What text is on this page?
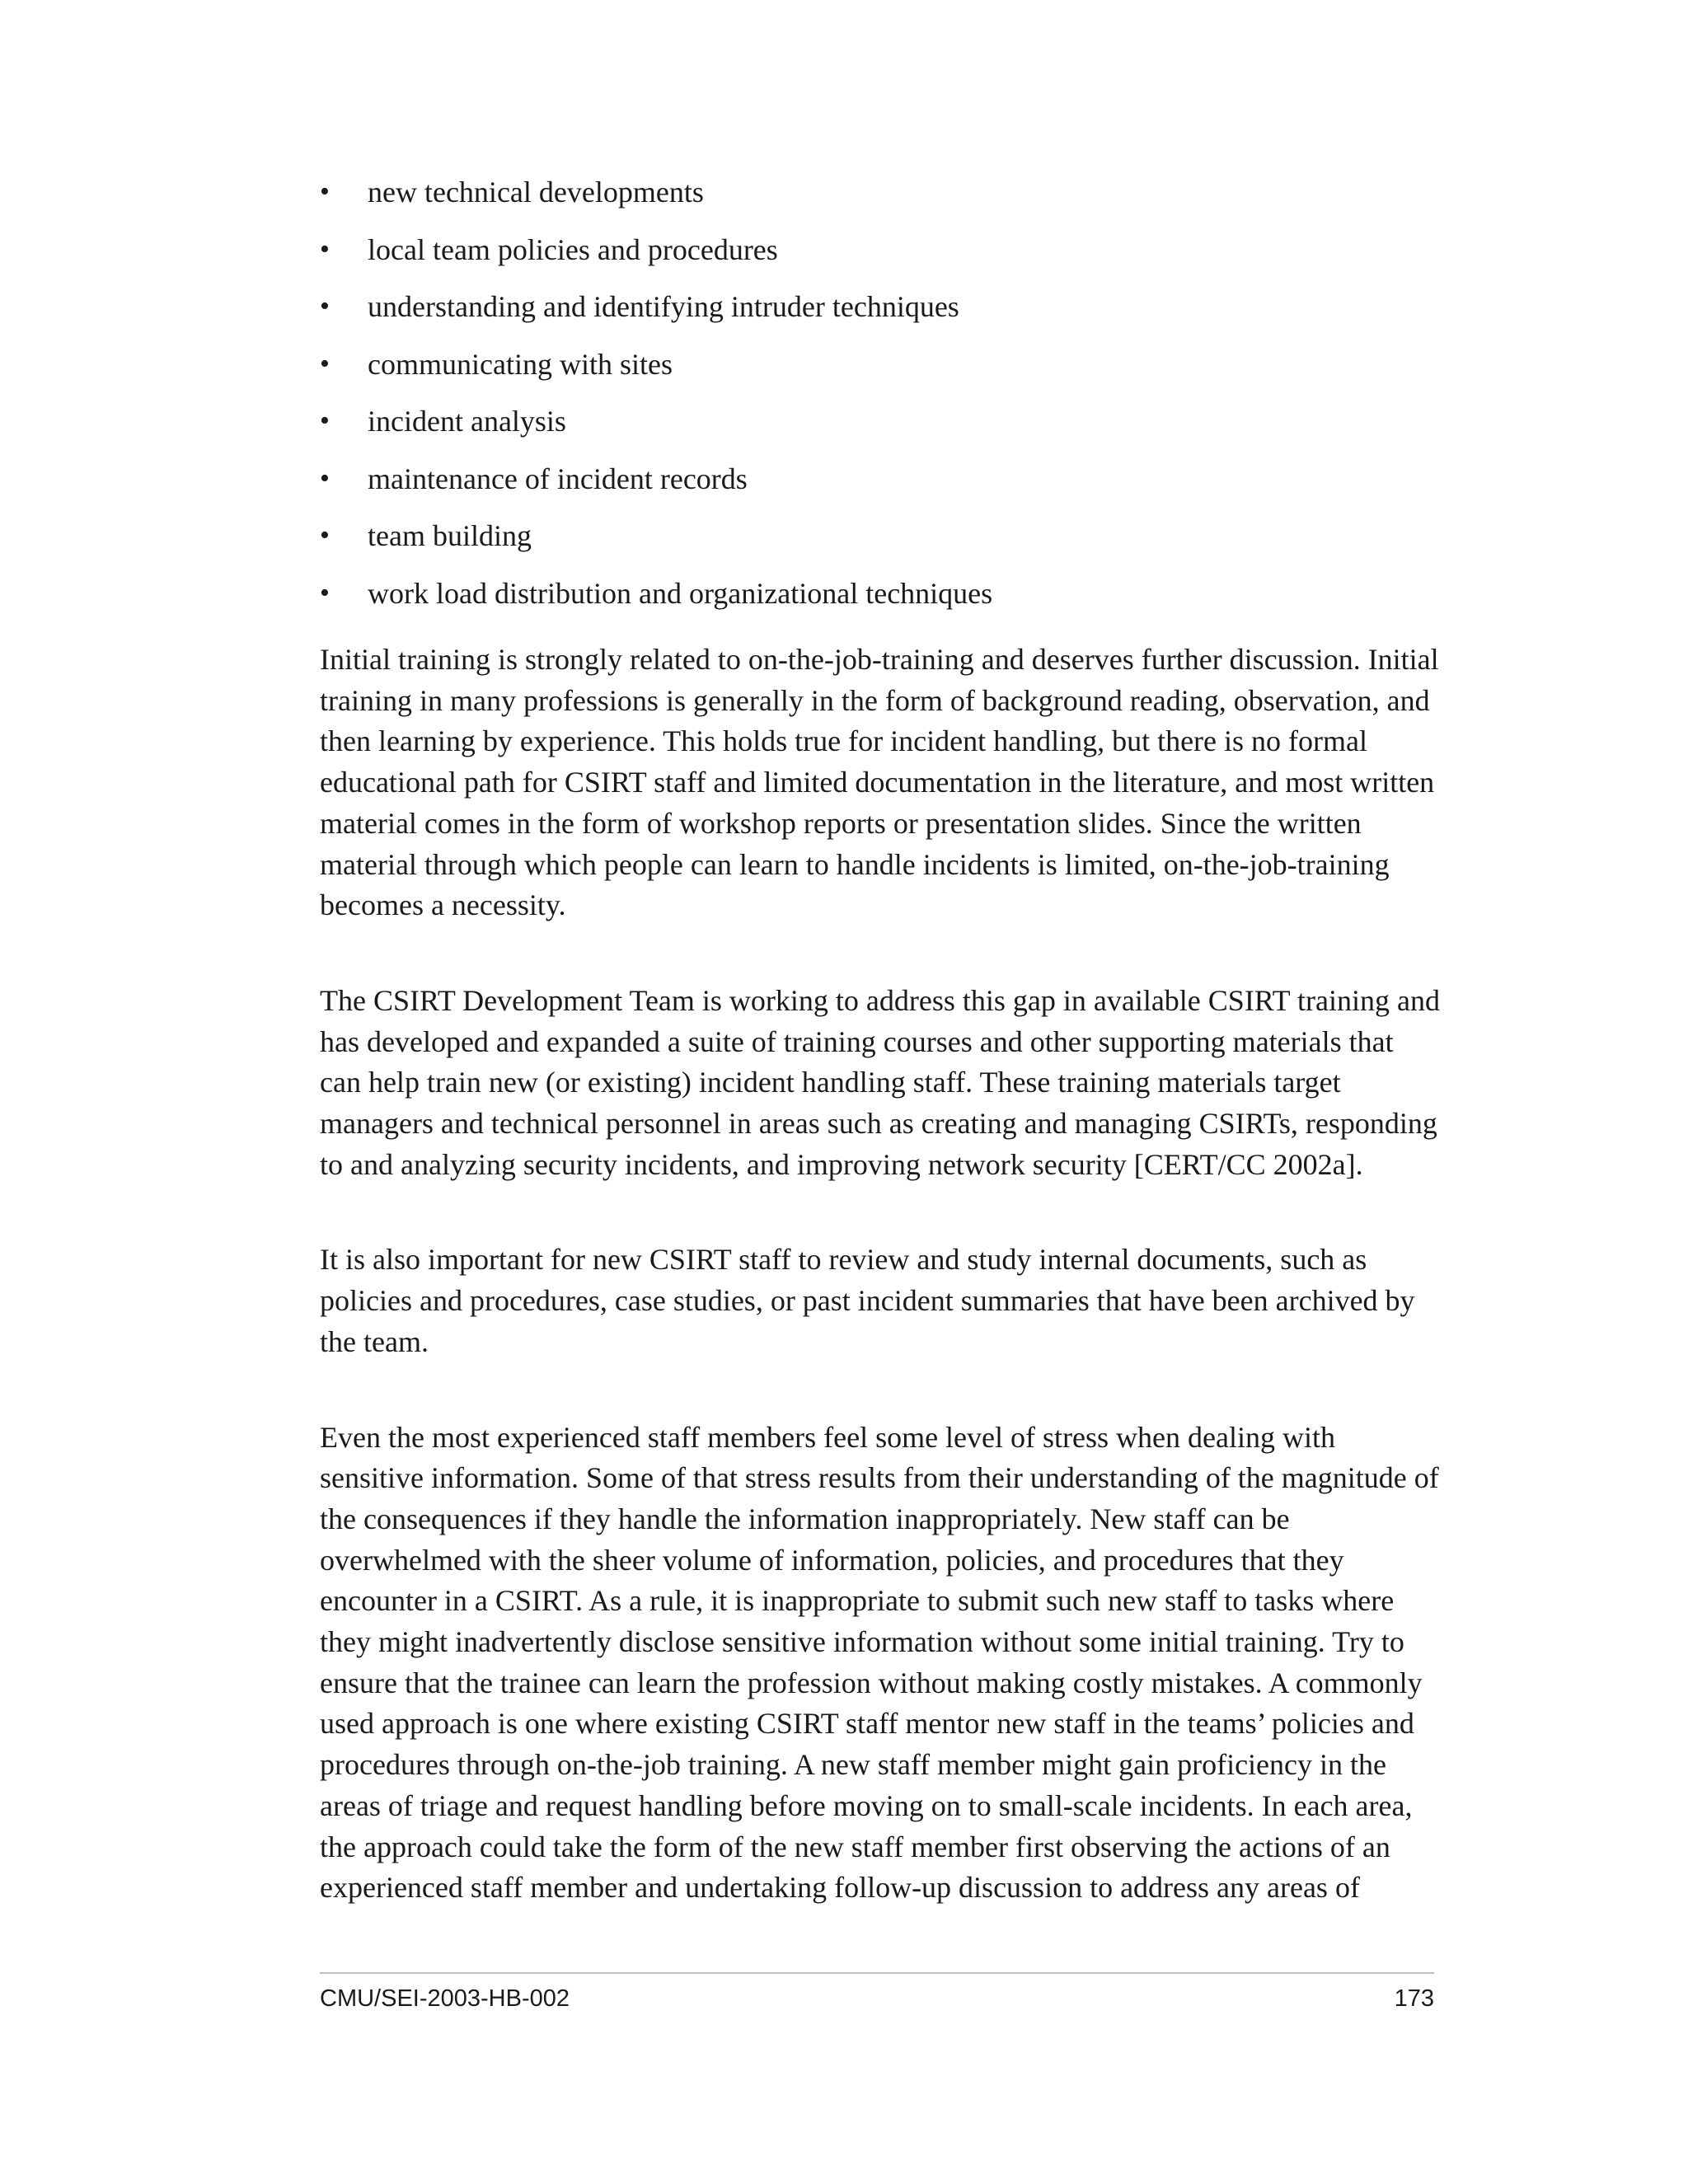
• new technical developments
• local team policies and procedures
• understanding and identifying intruder techniques
• communicating with sites
• incident analysis
• maintenance of incident records
• team building
• work load distribution and organizational techniques

Initial training is strongly related to on-the-job-training and deserves further discussion. Initial training in many professions is generally in the form of background reading, observation, and then learning by experience. This holds true for incident handling, but there is no formal educational path for CSIRT staff and limited documentation in the literature, and most written material comes in the form of workshop reports or presentation slides. Since the written material through which people can learn to handle incidents is limited, on-the-job-training becomes a necessity.

The CSIRT Development Team is working to address this gap in available CSIRT training and has developed and expanded a suite of training courses and other supporting materials that can help train new (or existing) incident handling staff. These training materials target managers and technical personnel in areas such as creating and managing CSIRTs, responding to and analyzing security incidents, and improving network security [CERT/CC 2002a].

It is also important for new CSIRT staff to review and study internal documents, such as policies and procedures, case studies, or past incident summaries that have been archived by the team.

Even the most experienced staff members feel some level of stress when dealing with sensitive information. Some of that stress results from their understanding of the magnitude of the consequences if they handle the information inappropriately. New staff can be overwhelmed with the sheer volume of information, policies, and procedures that they encounter in a CSIRT. As a rule, it is inappropriate to submit such new staff to tasks where they might inadvertently disclose sensitive information without some initial training. Try to ensure that the trainee can learn the profession without making costly mistakes. A commonly used approach is one where existing CSIRT staff mentor new staff in the teams’ policies and procedures through on-the-job training. A new staff member might gain proficiency in the areas of triage and request handling before moving on to small-scale incidents. In each area, the approach could take the form of the new staff member first observing the actions of an experienced staff member and undertaking follow-up discussion to address any areas of

CMU/SEI-2003-HB-002	173
